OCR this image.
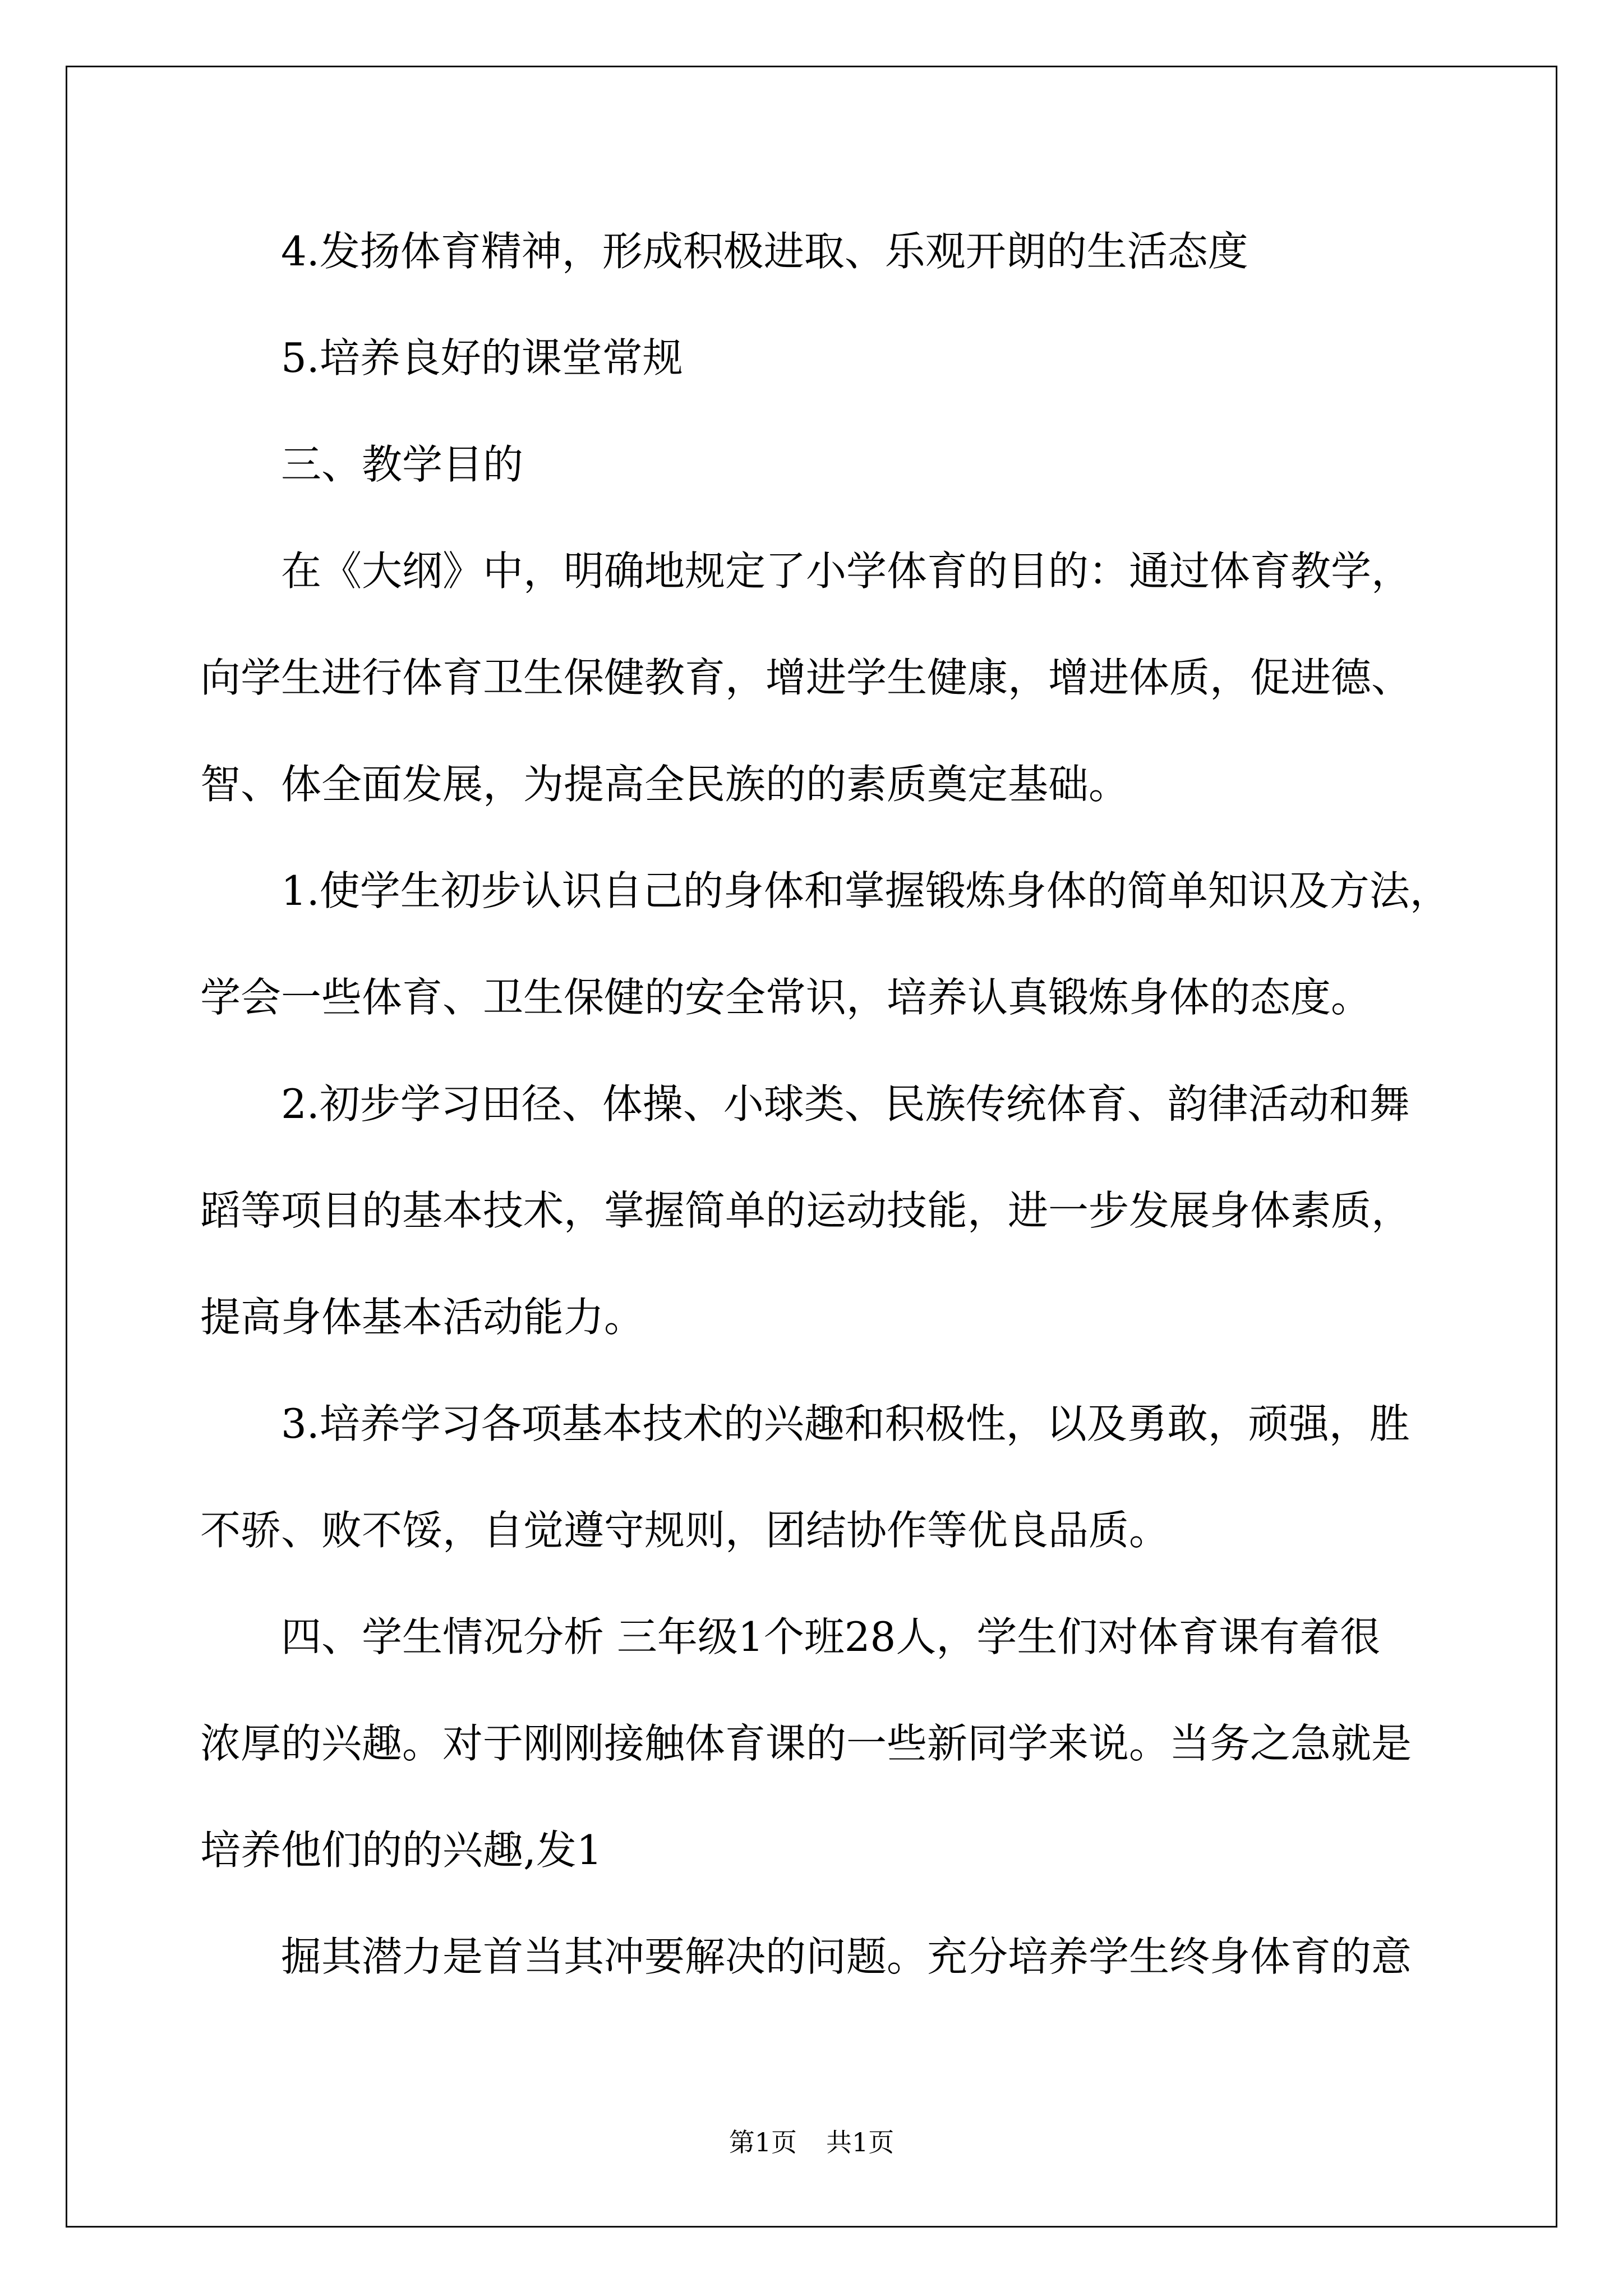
4.发扬体育精神，形成积极进取、乐观开朗的生活态度
5.培养良好的课堂常规
三、教学目的
在《大纲》中，明确地规定了小学体育的目的：通过体育教学，
向学生进行体育卫生保健教育，增进学生健康，增进体质，促进德、
智、体全面发展，为提高全民族的的素质奠定基础。
1.使学生初步认识自己的身体和掌握锻炼身体的简单知识及方法，
学会一些体育、卫生保健的安全常识，培养认真锻炼身体的态度。
2.初步学习田径、体操、小球类、民族传统体育、韵律活动和舞
蹈等项目的基本技术，掌握简单的运动技能，进一步发展身体素质，
提高身体基本活动能力。
3.培养学习各项基本技术的兴趣和积极性，以及勇敢，顽强，胜
不骄、败不馁，自觉遵守规则，团结协作等优良品质。
四、学生情况分析 三年级1个班28人，学生们对体育课有着很
浓厚的兴趣。对于刚刚接触体育课的一些新同学来说。当务之急就是
培养他们的的兴趣,发1
掘其潜力是首当其冲要解决的问题。充分培养学生终身体育的意
第1页 共1页
